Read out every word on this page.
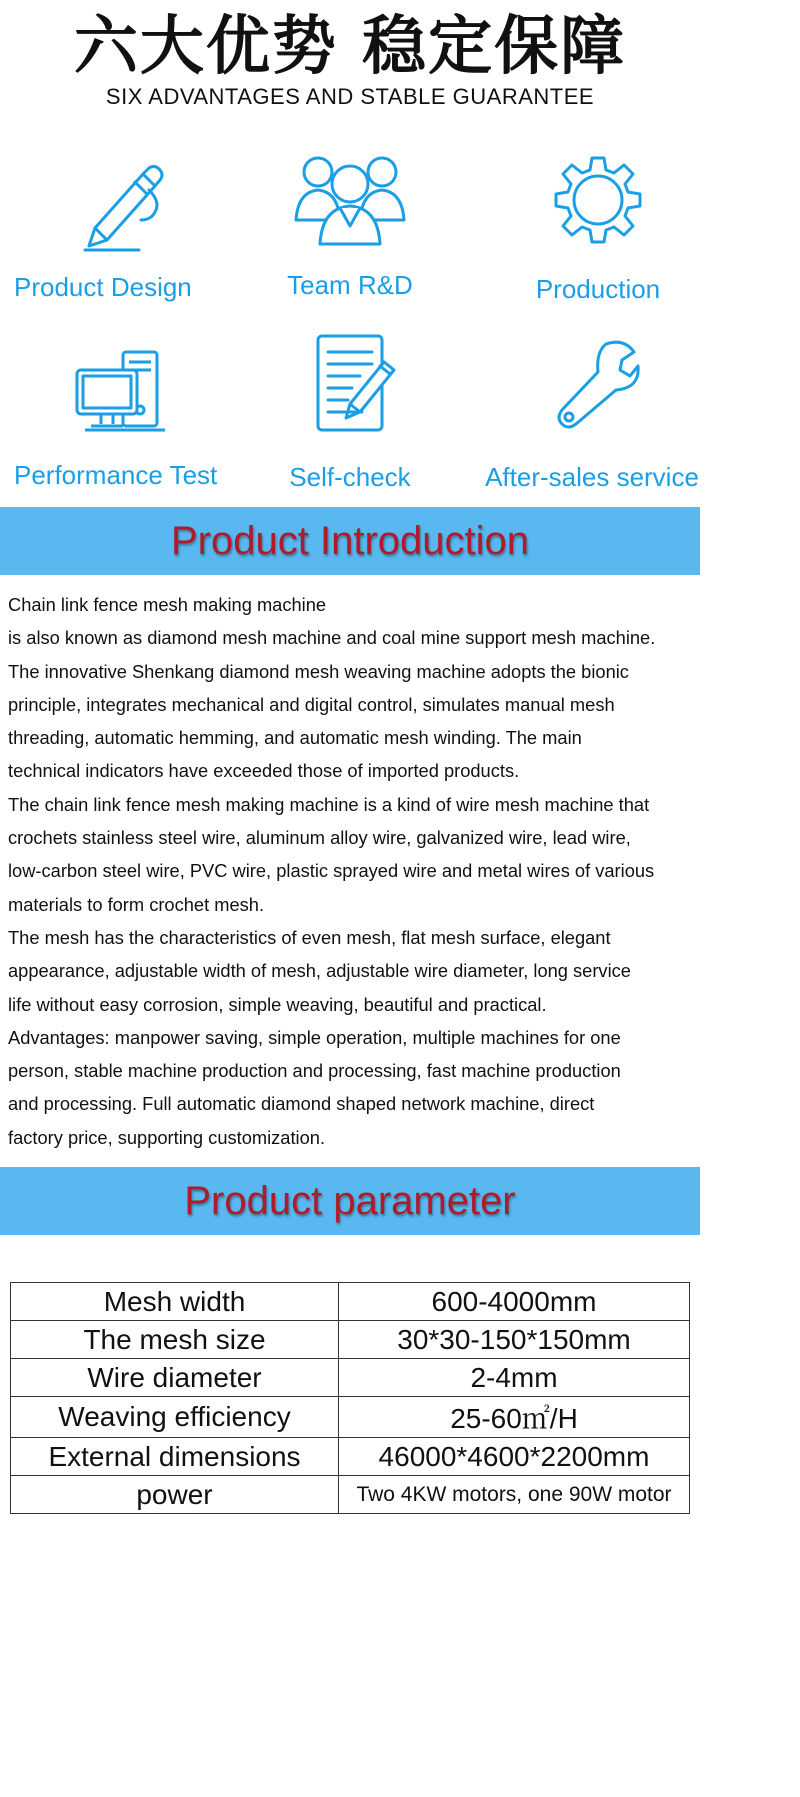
六大优势 稳定保障
SIX ADVANTAGES AND STABLE GUARANTEE
Product Design	Team R&D	Production
Performance Test	Self-check	After-sales service
Product Introduction

Chain link fence mesh making machine

is also known as diamond mesh machine and coal mine support mesh machine.

The innovative Shenkang diamond mesh weaving machine adopts the bionic

principle, integrates mechanical and digital control, simulates manual mesh

threading, automatic hemming, and automatic mesh winding. The main

technical indicators have exceeded those of imported products.

The chain link fence mesh making machine is a kind of wire mesh machine that

crochets stainless steel wire, aluminum alloy wire, galvanized wire, lead wire,

low-carbon steel wire, PVC wire, plastic sprayed wire and metal wires of various

materials to form crochet mesh.

The mesh has the characteristics of even mesh, flat mesh surface, elegant

appearance, adjustable width of mesh, adjustable wire diameter, long service

life without easy corrosion, simple weaving, beautiful and practical.

Advantages: manpower saving, simple operation, multiple machines for one

person, stable machine production and processing, fast machine production

and processing. Full automatic diamond shaped network machine, direct

factory price, supporting customization.

Product parameter
Mesh width	600-4000mm
The mesh size	30*30-150*150mm
Wire diameter	2-4mm
Weaving efficiency	25-60㎡/H
External dimensions	46000*4600*2200mm
power	Two 4KW motors, one 90W motor
